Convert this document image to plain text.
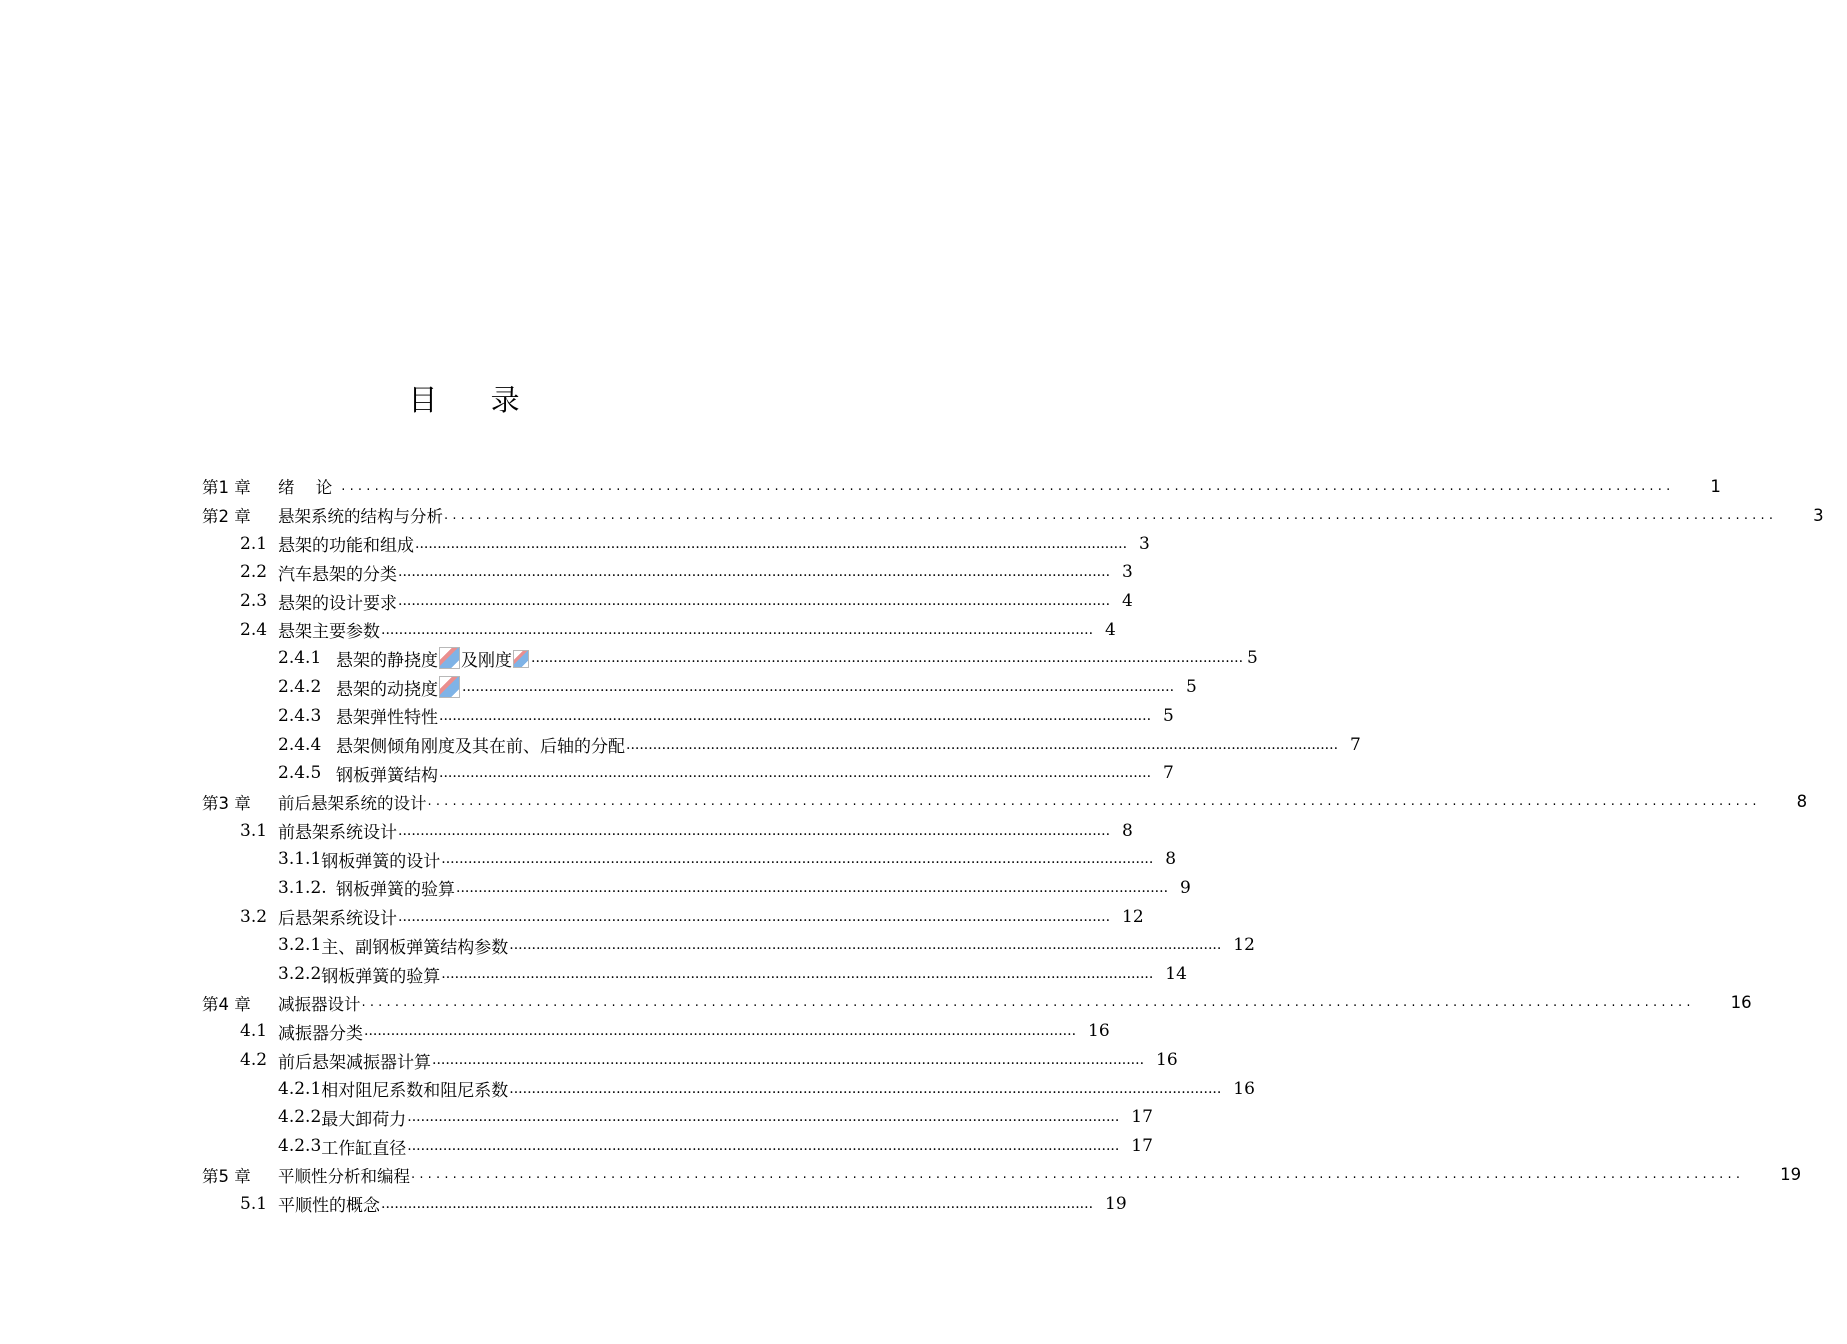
目 录
第1 章	绪 论 ................................................................................................................................................................	1
第2 章	悬架系统的结构与分析 ................................................................................................................................................................	3
2.1 悬架的功能和组成 ................................................................................................................................................................ 3
2.2 汽车悬架的分类 ................................................................................................................................................................ 3
2.3 悬架的设计要求 ................................................................................................................................................................ 4
2.4 悬架主要参数 ................................................................................................................................................................ 4
2.4.1 悬架的静挠度 及刚度	................................................................................................................................................................ 5
2.4.2 悬架的动挠度	................................................................................................................................................................ 5
2.4.3 悬架弹性特性 ................................................................................................................................................................ 5
2.4.4 悬架侧倾角刚度及其在前、后轴的分配 ................................................................................................................................................................ 7
2.4.5 钢板弹簧结构 ................................................................................................................................................................ 7
第3 章	前后悬架系统的设计 ................................................................................................................................................................	8
3.1 前悬架系统设计 ................................................................................................................................................................ 8
3.1.1 钢板弹簧的设计 ................................................................................................................................................................ 8
3.1.2. 钢板弹簧的验算 ................................................................................................................................................................ 9
3.2 后悬架系统设计 ................................................................................................................................................................ 12
3.2.1 主、副钢板弹簧结构参数 ................................................................................................................................................................ 12
3.2.2 钢板弹簧的验算 ................................................................................................................................................................ 14
第4 章	减振器设计 ................................................................................................................................................................	16
4.1 减振器分类 ................................................................................................................................................................ 16
4.2 前后悬架减振器计算 ................................................................................................................................................................ 16
4.2.1 相对阻尼系数和阻尼系数 ................................................................................................................................................................ 16
4.2.2 最大卸荷力 ................................................................................................................................................................ 17
4.2.3 工作缸直径 ................................................................................................................................................................ 17
第5 章	平顺性分析和编程 ................................................................................................................................................................	19
5.1 平顺性的概念 ................................................................................................................................................................ 19
